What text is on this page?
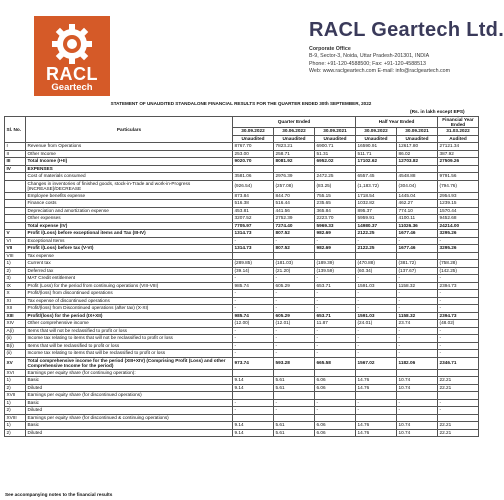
RACL
Geartech
RACL Geartech Ltd.
Corporate Office
B-9, Sector-3, Noida, Uttar Pradesh-201301, INDIA
Phone: +91-120-4588500; Fax: +91-120-4588513
Web: www.raclgeartech.com E-mail: info@raclgeartech.com
STATEMENT OF UNAUDITED STANDALONE FINANCIAL RESULTS FOR THE QUARTER ENDED 30th SEPTEMBER, 2022
(Rs. in lakh except EPS)
Sl. No.	Particulars	Quarter Ended			Half Year Ended		Financial Year Ended
		30.09.2022	30.06.2022	30.09.2021	30.09.2022	30.09.2021	31.03.2022
		Unaudited	Unaudited	Unaudited	Unaudited	Unaudited	Audited
I	Revenue from Operations	8767.70	7823.21	6900.71	16590.91	12617.80	27121.34
II	Other Income	253.00	258.71	51.31	511.71	86.02	387.92
III	Total Income (I+II)	9020.70	8081.92	6952.02	17102.62	12703.82	27509.26
IV	EXPENSES						
	Cost of materials consumed	3581.06	2976.39	2472.25	6557.45	4548.88	9791.56
	Changes in inventories of finished goods, stock-in-Trade and work-in-Progress [INCREASE]/DECREASE	(926.54)	(257.08)	(83.25)	(1,183.72)	(304.04)	(794.76)
	Employee benefits expense	873.84	844.70	755.15	1718.54	1445.04	2954.93
	Finance costs	516.38	516.44	235.65	1032.82	462.27	1239.15
	Depreciation and amortization expense	453.81	441.56	365.84	895.37	774.10	1570.44
	Other expenses	3207.52	2752.39	2223.70	5959.91	4100.11	9452.68
	Total expense (IV)	7705.97	7274.40	5969.33	14980.37	11026.36	24214.00
V	Profit /(Loss) before exceptional items and Tax (III-IV)	1314.73	807.52	982.69	2122.25	1677.46	3295.26
VI	Exceptional Items	-	-	-	-	-	-
VII	Profit /(Loss) before tax (V-VI)	1314.73	807.52	982.69	2122.25	1677.46	3295.26
VIII	Tax expense						
1)	Current tax	(289.85)	(181.03)	(189.39)	(470.88)	(381.72)	(758.28)
2)	Deferred tax	(39.14)	(21.20)	(139.59)	(60.34)	(137.67)	(142.25)
3)	MAT Credit entitlement	-	-	-	-	-	-
IX	Profit (Loss) for the period from continuing operations (VIII-VIII)	985.74	605.29	653.71	1591.03	1158.32	2394.73
X	Profit/(loss) from discontinued operations	-	-	-	-	-	-
XI	Tax expense of discontinued operations	-	-	-	-	-	-
XII	Profit/(loss) from Discontinued operations (after tax) (X-XI)	-	-	-	-	-	-
XIII	Profit/(loss) for the period (IX+XII)	985.74	605.29	653.71	1591.03	1158.32	2394.73
XIV	Other comprehensive income	(12.00)	(12.01)	11.87	(24.01)	23.74	(48.02)
A(i)	Items that will not be reclassified to profit or loss	-	-	-	-	-	-
(ii)	Income tax relating to items that will not be reclassified to profit or loss	-	-	-	-	-	-
B(i)	Items that will be reclassified to profit or loss	-	-	-	-	-	-
(ii)	Income tax relating to items that will be reclassified to profit or loss	-	-	-	-	-	-
XV	Total comprehensive income for the period (XIII+XIV) (Comprising Profit (Loss) and other Comprehensive Income for the period)	973.74	593.28	665.58	1567.02	1182.06	2346.71
XVI	Earnings per equity share (for continuing operation):						
1)	Basic	9.14	5.61	6.06	14.76	10.74	22.21
2)	Diluted	9.14	5.61	6.06	14.76	10.74	22.21
XVII	Earnings per equity share (for discontinued operations)						
1)	Basic	-	-	-	-	-	-
2)	Diluted	-	-	-	-	-	-
XVIII	Earnings per equity share (for discontinued & continuing operations)						
1)	Basic	9.14	5.61	6.06	14.76	10.74	22.21
2)	Diluted	9.14	5.61	6.06	14.76	10.74	22.21
See accompanying notes to the financial results
